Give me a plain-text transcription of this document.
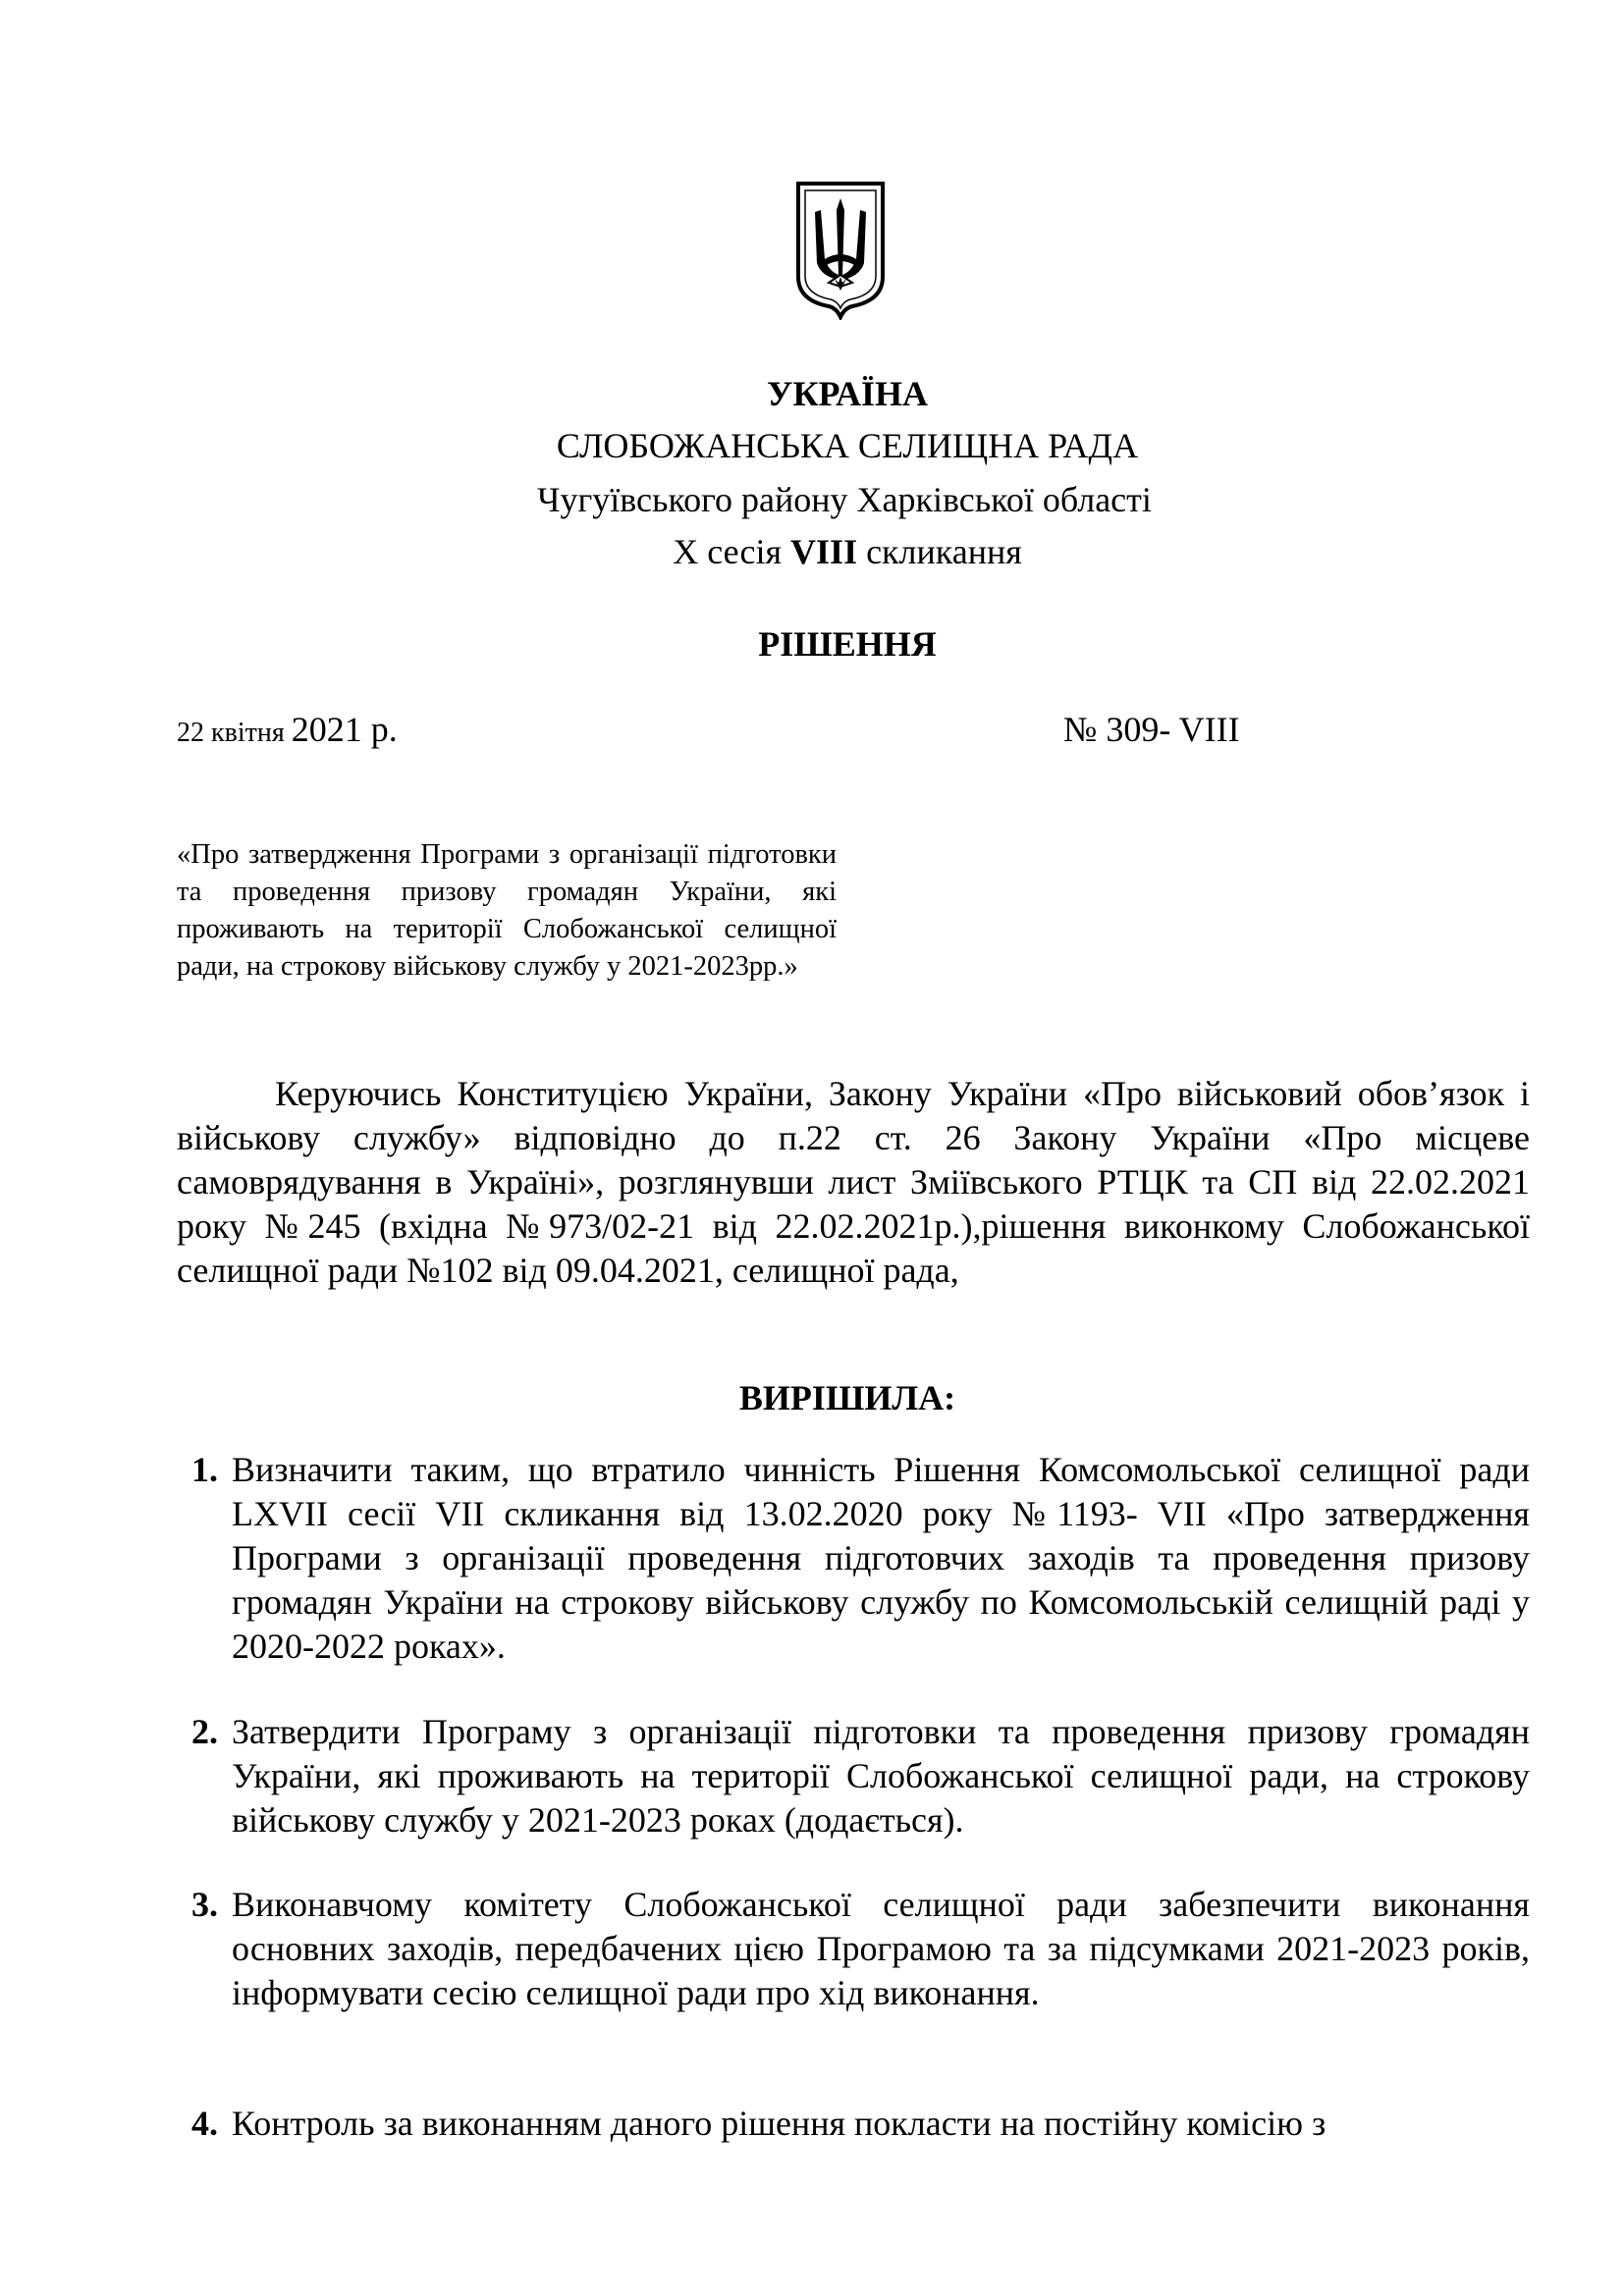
УКРАЇНА
СЛОБОЖАНСЬКА СЕЛИЩНА РАДА
Чугуївського району Харківської області
X сесія VIII скликання
РІШЕННЯ
22 квітня 2021 р.	№ 309- VIII
«Про затвердження Програми з організації підготовки та проведення призову громадян України, які проживають на території Слобожанської селищної ради, на строкову військову службу у 2021-2023рр.»
Керуючись Конституцією України, Закону України «Про військовий обов’язок і військову службу» відповідно до п.22 ст. 26 Закону України «Про місцеве самоврядування в Україні», розглянувши лист Зміївського РТЦК та СП від 22.02.2021 року №245 (вхідна №973/02-21 від 22.02.2021р.),рішення виконкому Слобожанської селищної ради №102 від 09.04.2021, селищної рада,
ВИРІШИЛА:
1. Визначити таким, що втратило чинність Рішення Комсомольської селищної ради LXVII сесії VII скликання від 13.02.2020 року №1193- VII «Про затвердження Програми з організації проведення підготовчих заходів та проведення призову громадян України на строкову військову службу по Комсомольській селищній раді у 2020-2022 роках».

2. Затвердити Програму з організації підготовки та проведення призову громадян України, які проживають на території Слобожанської селищної ради, на строкову військову службу у 2021-2023 роках (додається).

3. Виконавчому комітету Слобожанської селищної ради забезпечити виконання основних заходів, передбачених цією Програмою та за підсумками 2021-2023 років, інформувати сесію селищної ради про хід виконання.

4. Контроль за виконанням даного рішення покласти на постійну комісію з
